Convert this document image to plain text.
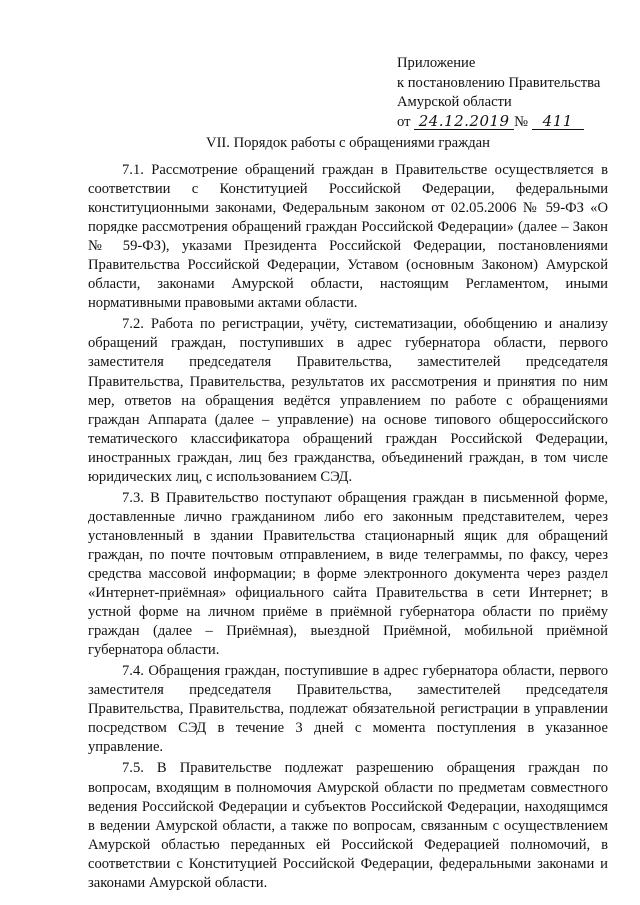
Приложение
к постановлению Правительства
Амурской области
от 24.12.2019 № 411
VII. Порядок работы с обращениями граждан

7.1. Рассмотрение обращений граждан в Правительстве осуществляется в соответствии с Конституцией Российской Федерации, федеральными конституционными законами, Федеральным законом от 02.05.2006 № 59-ФЗ «О порядке рассмотрения обращений граждан Российской Федерации» (далее – Закон № 59-ФЗ), указами Президента Российской Федерации, постановлениями Правительства Российской Федерации, Уставом (основным Законом) Амурской области, законами Амурской области, настоящим Регламентом, иными нормативными правовыми актами области.

7.2. Работа по регистрации, учёту, систематизации, обобщению и анализу обращений граждан, поступивших в адрес губернатора области, первого заместителя председателя Правительства, заместителей председателя Правительства, Правительства, результатов их рассмотрения и принятия по ним мер, ответов на обращения ведётся управлением по работе с обращениями граждан Аппарата (далее – управление) на основе типового общероссийского тематического классификатора обращений граждан Российской Федерации, иностранных граждан, лиц без гражданства, объединений граждан, в том числе юридических лиц, с использованием СЭД.

7.3. В Правительство поступают обращения граждан в письменной форме, доставленные лично гражданином либо его законным представителем, через установленный в здании Правительства стационарный ящик для обращений граждан, по почте почтовым отправлением, в виде телеграммы, по факсу, через средства массовой информации; в форме электронного документа через раздел «Интернет-приёмная» официального сайта Правительства в сети Интернет; в устной форме на личном приёме в приёмной губернатора области по приёму граждан (далее – Приёмная), выездной Приёмной, мобильной приёмной губернатора области.

7.4. Обращения граждан, поступившие в адрес губернатора области, первого заместителя председателя Правительства, заместителей председателя Правительства, Правительства, подлежат обязательной регистрации в управлении посредством СЭД в течение 3 дней с момента поступления в указанное управление.

7.5. В Правительстве подлежат разрешению обращения граждан по вопросам, входящим в полномочия Амурской области по предметам совместного ведения Российской Федерации и субъектов Российской Федерации, находящимся в ведении Амурской области, а также по вопросам, связанным с осуществлением Амурской областью переданных ей Российской Федерацией полномочий, в соответствии с Конституцией Российской Федерации, федеральными законами и законами Амурской области.
